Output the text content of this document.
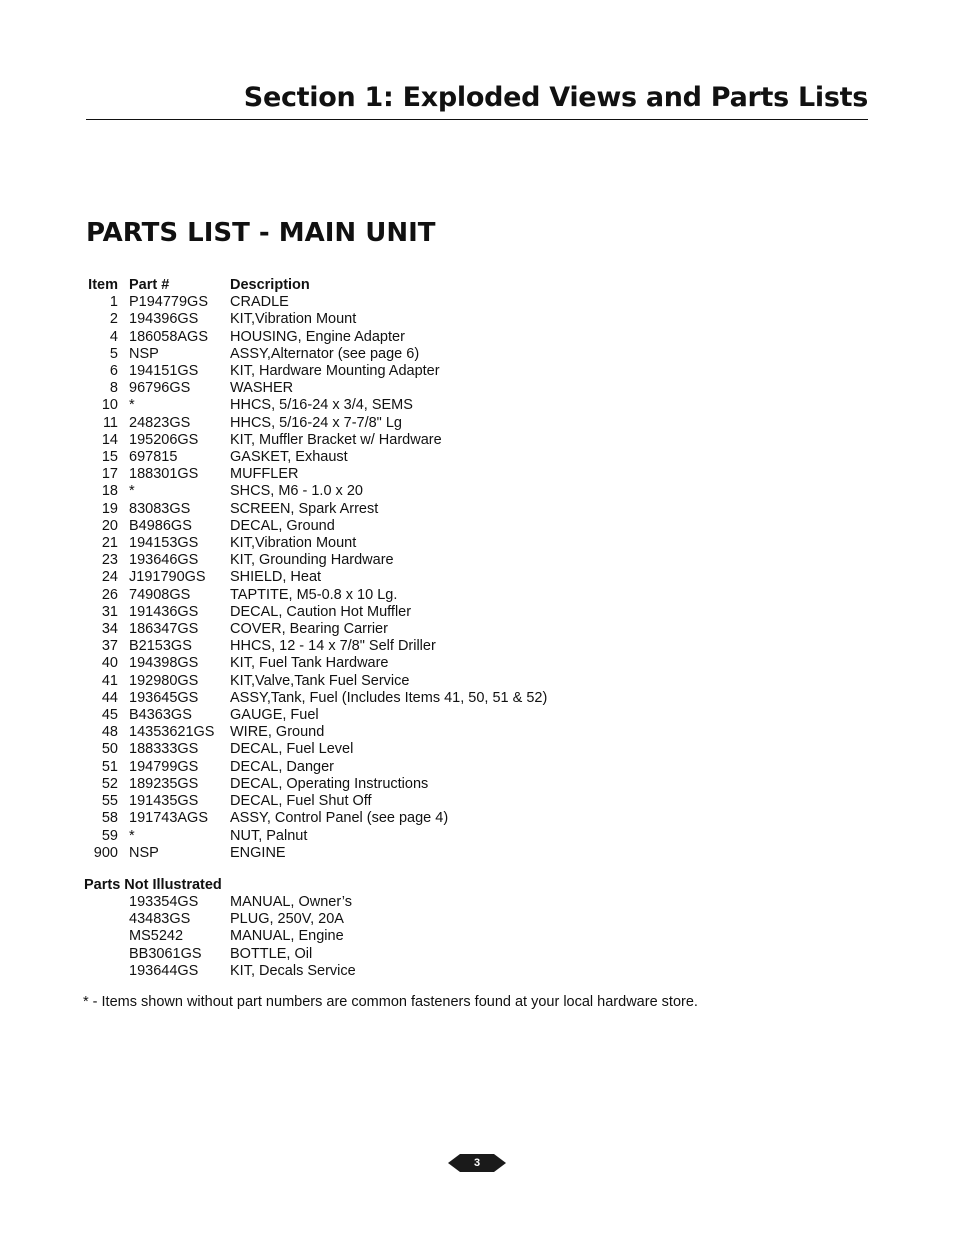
Section 1: Exploded Views and Parts Lists
PARTS LIST - MAIN UNIT
Item	Part #	Description
1	P194779GS	CRADLE
2	194396GS	KIT,Vibration Mount
4	186058AGS	HOUSING, Engine Adapter
5	NSP	ASSY,Alternator (see page 6)
6	194151GS	KIT, Hardware Mounting Adapter
8	96796GS	WASHER
10	*	HHCS, 5/16-24 x 3/4, SEMS
11	24823GS	HHCS, 5/16-24 x 7-7/8" Lg
14	195206GS	KIT, Muffler Bracket w/ Hardware
15	697815	GASKET, Exhaust
17	188301GS	MUFFLER
18	*	SHCS, M6 - 1.0 x 20
19	83083GS	SCREEN, Spark Arrest
20	B4986GS	DECAL, Ground
21	194153GS	KIT,Vibration Mount
23	193646GS	KIT, Grounding Hardware
24	J191790GS	SHIELD, Heat
26	74908GS	TAPTITE, M5-0.8 x 10 Lg.
31	191436GS	DECAL, Caution Hot Muffler
34	186347GS	COVER, Bearing Carrier
37	B2153GS	HHCS, 12 - 14 x 7/8" Self Driller
40	194398GS	KIT, Fuel Tank Hardware
41	192980GS	KIT,Valve,Tank Fuel Service
44	193645GS	ASSY,Tank, Fuel (Includes Items 41, 50, 51 & 52)
45	B4363GS	GAUGE, Fuel
48	14353621GS	WIRE, Ground
50	188333GS	DECAL, Fuel Level
51	194799GS	DECAL, Danger
52	189235GS	DECAL, Operating Instructions
55	191435GS	DECAL, Fuel Shut Off
58	191743AGS	ASSY, Control Panel (see page 4)
59	*	NUT, Palnut
900	NSP	ENGINE

Parts Not Illustrated

193354GS	MANUAL, Owner’s
43483GS	PLUG, 250V, 20A
MS5242	MANUAL, Engine
BB3061GS	BOTTLE, Oil
193644GS	KIT, Decals Service

* - Items shown without part numbers are common fasteners found at your local hardware store.

3
